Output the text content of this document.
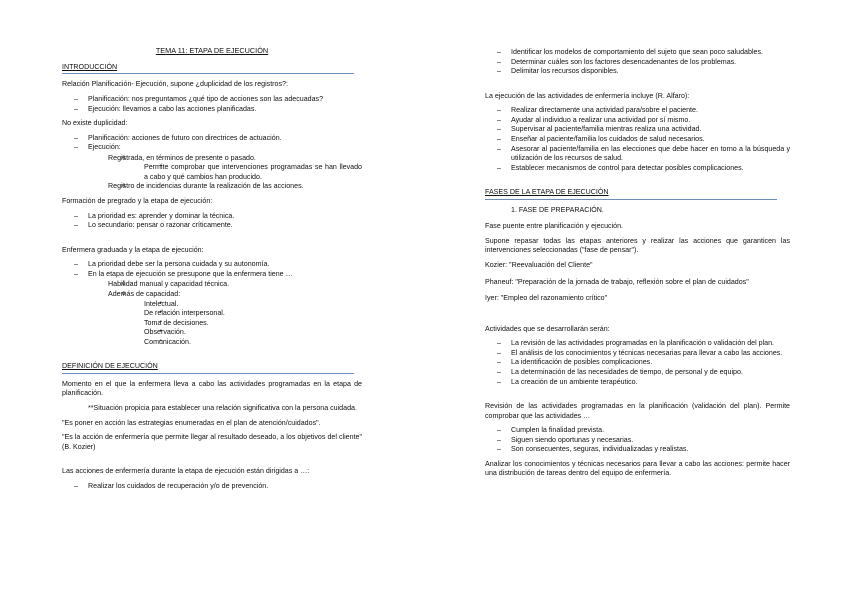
TEMA 11: ETAPA DE EJECUCIÓN
INTRODUCCIÓN

Relación Planificación- Ejecución, supone ¿duplicidad de los registros?:

– Planificación: nos preguntamos ¿qué tipo de acciones son las adecuadas?
– Ejecución: llevamos a cabo las acciones planificadas.

No existe duplicidad:

– Planificación: acciones de futuro con directrices de actuación.
– Ejecución:
o Registrada, en términos de presente o pasado.
▪ Permite comprobar que intervenciones programadas se han llevado a cabo y qué cambios han producido.
o Registro de incidencias durante la realización de las acciones.

Formación de pregrado y la etapa de ejecución:

– La prioridad es: aprender y dominar la técnica.
– Lo secundario: pensar o razonar críticamente.

Enfermera graduada y la etapa de ejecución:

– La prioridad debe ser la persona cuidada y su autonomía.
– En la etapa de ejecución se presupone que la enfermera tiene …
o Habilidad manual y capacidad técnica.
o Además de capacidad:
▪ Intelectual.
▪ De relación interpersonal.
▪ Toma de decisiones.
▪ Observación.
▪ Comunicación.
DEFINICIÓN DE EJECUCIÓN

Momento en el que la enfermera lleva a cabo las actividades programadas en la etapa de planificación.

**Situación propicia para establecer una relación significativa con la persona cuidada.

"Es poner en acción las estrategias enumeradas en el plan de atención/cuidados".

"Es la acción de enfermería que permite llegar al resultado deseado, a los objetivos del cliente" (B. Kozier)

Las acciones de enfermería durante la etapa de ejecución están dirigidas a …:

– Realizar los cuidados de recuperación y/o de prevención.
– Identificar los modelos de comportamiento del sujeto que sean poco saludables.
– Determinar cuáles son los factores desencadenantes de los problemas.
– Delimitar los recursos disponibles.

La ejecución de las actividades de enfermería incluye (R. Alfaro):

– Realizar directamente una actividad para/sobre el paciente.
– Ayudar al individuo a realizar una actividad por sí mismo.
– Supervisar al paciente/familia mientras realiza una actividad.
– Enseñar al paciente/familia los cuidados de salud necesarios.
– Asesorar al paciente/familia en las elecciones que debe hacer en torno a la búsqueda y utilización de los recursos de salud.
– Establecer mecanismos de control para detectar posibles complicaciones.
FASES DE LA ETAPA DE EJECUCIÓN
1. FASE DE PREPARACIÓN.

Fase puente entre planificación y ejecución.

Supone repasar todas las etapas anteriores y realizar las acciones que garanticen las intervenciones seleccionadas ("fase de pensar").

Kozier: "Reevaluación del Cliente"

Phaneuf: "Preparación de la jornada de trabajo, reflexión sobre el plan de cuidados"

Iyer: "Empleo del razonamiento crítico"

Actividades que se desarrollarán serán:

– La revisión de las actividades programadas en la planificación o validación del plan.
– El análisis de los conocimientos y técnicas necesarias para llevar a cabo las acciones.
– La identificación de posibles complicaciones.
– La determinación de las necesidades de tiempo, de personal y de equipo.
– La creación de un ambiente terapéutico.

Revisión de las actividades programadas en la planificación (validación del plan). Permite comprobar que las actividades …

– Cumplen la finalidad prevista.
– Siguen siendo oportunas y necesarias.
– Son consecuentes, seguras, individualizadas y realistas.

Analizar los conocimientos y técnicas necesarios para llevar a cabo las acciones: permite hacer una distribución de tareas dentro del equipo de enfermería.
